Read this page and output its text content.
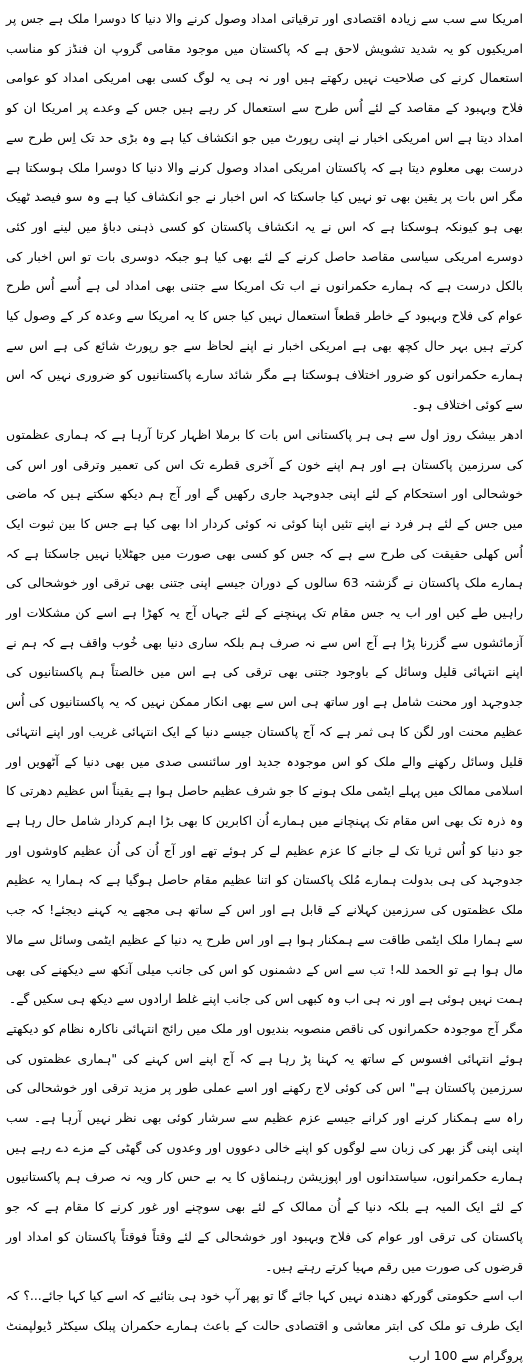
امریکا سے سب سے زیادہ اقتصادی اور ترقیاتی امداد وصول کرنے والا دنیا کا دوسرا ملک ہے جس پر امریکیوں کو یہ شدید تشویش لاحق ہے کہ پاکستان میں موجود مقامی گروپ ان فنڈز کو مناسب استعمال کرنے کی صلاحیت نہیں رکھتے ہیں اور نہ ہی یہ لوگ کسی بھی امریکی امداد کو عوامی فلاح وبہبود کے مقاصد کے لئے اُس طرح سے استعمال کر رہے ہیں جس کے وعدے پر امریکا ان کو امداد دیتا ہے اس امریکی اخبار نے اپنی رپورٹ میں جو انکشاف کیا ہے وہ بڑی حد تک اِس طرح سے درست بھی معلوم دیتا ہے کہ پاکستان امریکی امداد وصول کرنے والا دنیا کا دوسرا ملک ہوسکتا ہے مگر اس بات پر یقین بھی تو نہیں کیا جاسکتا کہ اس اخبار نے جو انکشاف کیا ہے وہ سو فیصد ٹھیک بھی ہو کیونکہ ہوسکتا ہے کہ اس نے یہ انکشاف پاکستان کو کسی ذہنی دباؤ میں لینے اور کئی دوسرے امریکی سیاسی مقاصد حاصل کرنے کے لئے بھی کیا ہو جبکہ دوسری بات تو اس اخبار کی بالکل درست ہے کہ ہمارے حکمرانوں نے اب تک امریکا سے جتنی بھی امداد لی ہے اُسے اُس طرح عوام کی فلاح وبہبود کے خاطر قطعاً استعمال نہیں کیا جس کا یہ امریکا سے وعدہ کر کے وصول کیا کرتے ہیں بہر حال کچھ بھی ہے امریکی اخبار نے اپنے لحاظ سے جو رپورٹ شائع کی ہے اس سے ہمارے حکمرانوں کو ضرور اختلاف ہوسکتا ہے مگر شائد سارے پاکستانیوں کو ضروری نہیں کہ اس سے کوئی اختلاف ہو۔

ادھر بیشک روز اول سے ہی ہر پاکستانی اس بات کا برملا اظہار کرتا آرہا ہے کہ ہماری عظمتوں کی سرزمین پاکستان ہے اور ہم اپنے خون کے آخری قطرے تک اس کی تعمیر وترقی اور اس کی خوشحالی اور استحکام کے لئے اپنی جدوجہد جاری رکھیں گے اور آج ہم دیکھ سکتے ہیں کہ ماضی میں جس کے لئے ہر فرد نے اپنے تئیں اپنا کوئی نہ کوئی کردار ادا بھی کیا ہے جس کا بین ثبوت ایک اُس کھلی حقیقت کی طرح سے ہے کہ جس کو کسی بھی صورت میں جھٹلایا نہیں جاسکتا ہے کہ ہمارے ملک پاکستان نے گزشتہ 63 سالوں کے دوران جیسے اپنی جتنی بھی ترقی اور خوشحالی کی راہیں طے کیں اور اب یہ جس مقام تک پہنچنے کے لئے جہاں آج یہ کھڑا ہے اسے کن مشکلات اور آزمائشوں سے گزرنا پڑا ہے آج اس سے نہ صرف ہم بلکہ ساری دنیا بھی خُوب واقف ہے کہ ہم نے اپنے انتہائی قلیل وسائل کے باوجود جتنی بھی ترقی کی ہے اس میں خالصتاً ہم پاکستانیوں کی جدوجہد اور محنت شامل ہے اور ساتھ ہی اس سے بھی انکار ممکن نہیں کہ یہ پاکستانیوں کی اُس عظیم محنت اور لگن کا ہی ثمر ہے کہ آج پاکستان جیسے دنیا کے ایک انتہائی غریب اور اپنے انتہائی قلیل وسائل رکھنے والے ملک کو اس موجودہ جدید اور سائنسی صدی میں بھی دنیا کے آٹھویں اور اسلامی ممالک میں پہلے ایٹمی ملک ہونے کا جو شرف عظیم حاصل ہوا ہے یقیناً اس عظیم دھرتی کا وہ ذرہ تک بھی اس مقام تک پہنچانے میں ہمارے اُن اکابرین کا بھی بڑا اہم کردار شامل حال رہا ہے جو دنیا کو اُس ثریا تک لے جانے کا عزم عظیم لے کر ہوئے تھے اور آج اُن کی اُن عظیم کاوشوں اور جدوجہد کی ہی بدولت ہمارے مُلک پاکستان کو اتنا عظیم مقام حاصل ہوگیا ہے کہ ہمارا یہ عظیم ملک عظمتوں کی سرزمین کہلانے کے قابل ہے اور اس کے ساتھ ہی مجھے یہ کہنے دیجئے! کہ جب سے ہمارا ملک ایٹمی طاقت سے ہمکنار ہوا ہے اور اس طرح یہ دنیا کے عظیم ایٹمی وسائل سے مالا مال ہوا ہے تو الحمد للہ! تب سے اس کے دشمنوں کو اس کی جانب میلی آنکھ سے دیکھنے کی بھی ہمت نہیں ہوئی ہے اور نہ ہی اب وہ کبھی اس کی جانب اپنے غلط ارادوں سے دیکھ ہی سکیں گے۔

مگر آج موجودہ حکمرانوں کی ناقص منصوبہ بندیوں اور ملک میں رائج انتہائی ناکارہ نظام کو دیکھتے ہوئے انتہائی افسوس کے ساتھ یہ کہنا پڑ رہا ہے کہ آج اپنے اس کہنے کی "ہماری عظمتوں کی سرزمین پاکستان ہے" اس کی کوئی لاج رکھنے اور اسے عملی طور پر مزید ترقی اور خوشحالی کی راہ سے ہمکنار کرنے اور کرانے جیسے عزم عظیم سے سرشار کوئی بھی نظر نہیں آرہا ہے۔ سب اپنی اپنی گز بھر کی زبان سے لوگوں کو اپنے خالی دعووں اور وعدوں کی گھٹی کے مزے دے رہے ہیں ہمارے حکمرانوں، سیاستدانوں اور اپوزیشن رہنماؤں کا یہ بے حس کار ویہ نہ صرف ہم پاکستانیوں کے لئے ایک المیہ ہے بلکہ دنیا کے اُن ممالک کے لئے بھی سوچنے اور غور کرنے کا مقام ہے کہ جو پاکستان کی ترقی اور عوام کی فلاح وبہبود اور خوشحالی کے لئے وقتاً فوقتاً پاکستان کو امداد اور قرضوں کی صورت میں رقم مہیا کرتے رہتے ہیں۔

اب اسے حکومتی گورکھ دھندہ نہیں کہا جائے گا تو پھر آپ خود ہی بتائیے کہ اسے کیا کہا جائے...؟ کہ ایک طرف تو ملک کی ابتر معاشی و اقتصادی حالت کے باعث ہمارے حکمران پبلک سیکٹر ڈیولپمنٹ پروگرام سے 100 ارب
